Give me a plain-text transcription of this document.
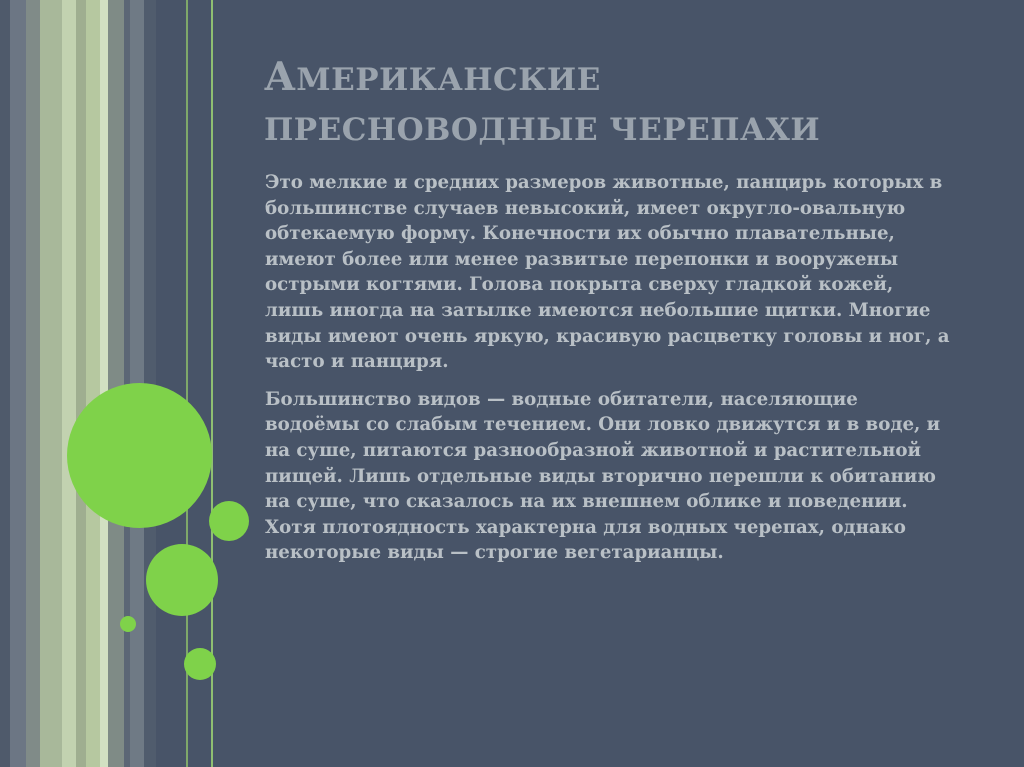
АМЕРИКАНСКИЕ
ПРЕСНОВОДНЫЕ ЧЕРЕПАХИ

Это мелкие и средних размеров животные, панцирь которых в большинстве случаев невысокий, имеет округло-овальную обтекаемую форму. Конечности их обычно плавательные, имеют более или менее развитые перепонки и вооружены острыми когтями. Голова покрыта сверху гладкой кожей, лишь иногда на затылке имеются небольшие щитки. Многие виды имеют очень яркую, красивую расцветку головы и ног, а часто и панциря.

Большинство видов — водные обитатели, населяющие водоёмы со слабым течением. Они ловко движутся и в воде, и на суше, питаются разнообразной животной и растительной пищей. Лишь отдельные виды вторично перешли к обитанию на суше, что сказалось на их внешнем облике и поведении. Хотя плотоядность характерна для водных черепах, однако некоторые виды — строгие вегетарианцы.
